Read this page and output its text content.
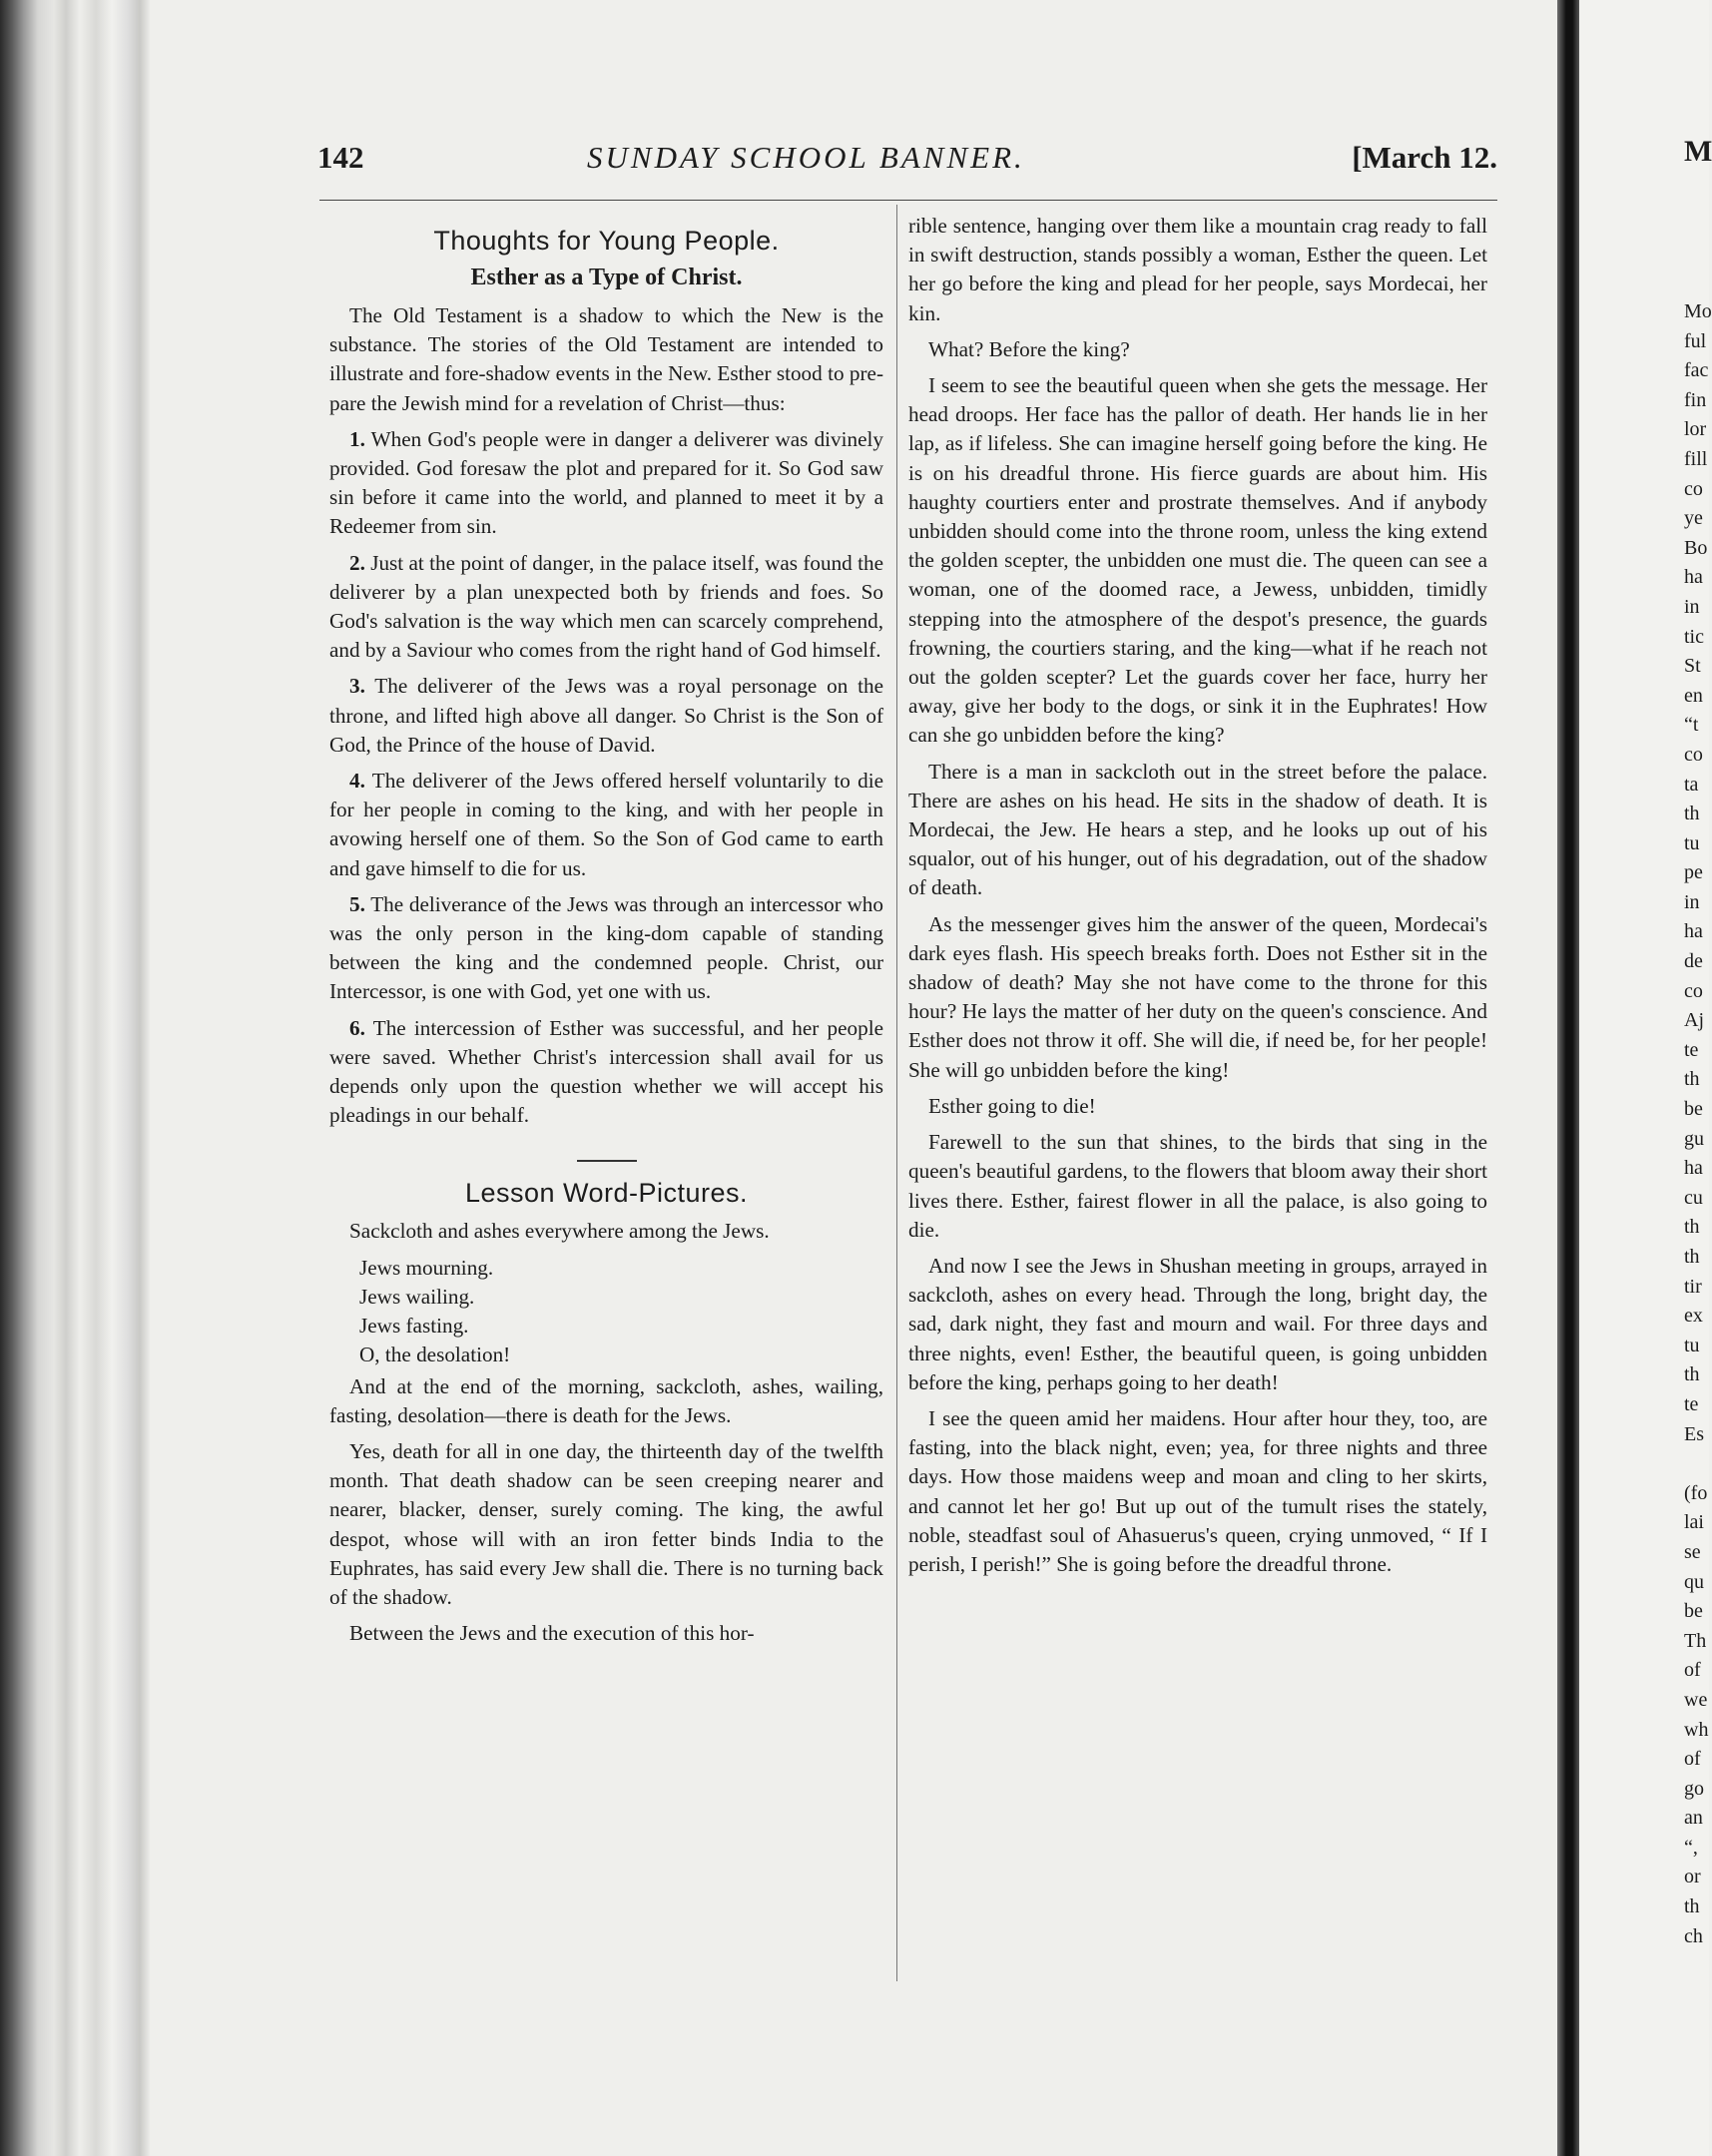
142	SUNDAY SCHOOL BANNER.	[March 12.
Thoughts for Young People.
Esther as a Type of Christ.

The Old Testament is a shadow to which the New is the substance. The stories of the Old Testament are intended to illustrate and fore-shadow events in the New. Esther stood to pre-pare the Jewish mind for a revelation of Christ—thus:

1. When God's people were in danger a deliverer was divinely provided. God foresaw the plot and prepared for it. So God saw sin before it came into the world, and planned to meet it by a Redeemer from sin.

2. Just at the point of danger, in the palace itself, was found the deliverer by a plan unexpected both by friends and foes. So God's salvation is the way which men can scarcely comprehend, and by a Saviour who comes from the right hand of God himself.

3. The deliverer of the Jews was a royal personage on the throne, and lifted high above all danger. So Christ is the Son of God, the Prince of the house of David.

4. The deliverer of the Jews offered herself voluntarily to die for her people in coming to the king, and with her people in avowing herself one of them. So the Son of God came to earth and gave himself to die for us.

5. The deliverance of the Jews was through an intercessor who was the only person in the king-dom capable of standing between the king and the condemned people. Christ, our Intercessor, is one with God, yet one with us.

6. The intercession of Esther was successful, and her people were saved. Whether Christ's intercession shall avail for us depends only upon the question whether we will accept his pleadings in our behalf.

Lesson Word-Pictures.

Sackcloth and ashes everywhere among the Jews.

Jews mourning.

Jews wailing.

Jews fasting.

O, the desolation!

And at the end of the morning, sackcloth, ashes, wailing, fasting, desolation—there is death for the Jews.

Yes, death for all in one day, the thirteenth day of the twelfth month. That death shadow can be seen creeping nearer and nearer, blacker, denser, surely coming. The king, the awful despot, whose will with an iron fetter binds India to the Euphrates, has said every Jew shall die. There is no turning back of the shadow.

Between the Jews and the execution of this hor-

rible sentence, hanging over them like a mountain crag ready to fall in swift destruction, stands possibly a woman, Esther the queen. Let her go before the king and plead for her people, says Mordecai, her kin.

What? Before the king?

I seem to see the beautiful queen when she gets the message. Her head droops. Her face has the pallor of death. Her hands lie in her lap, as if lifeless. She can imagine herself going before the king. He is on his dreadful throne. His fierce guards are about him. His haughty courtiers enter and prostrate themselves. And if anybody unbidden should come into the throne room, unless the king extend the golden scepter, the unbidden one must die. The queen can see a woman, one of the doomed race, a Jewess, unbidden, timidly stepping into the atmosphere of the despot's presence, the guards frowning, the courtiers staring, and the king—what if he reach not out the golden scepter? Let the guards cover her face, hurry her away, give her body to the dogs, or sink it in the Euphrates! How can she go unbidden before the king?

There is a man in sackcloth out in the street before the palace. There are ashes on his head. He sits in the shadow of death. It is Mordecai, the Jew. He hears a step, and he looks up out of his squalor, out of his hunger, out of his degradation, out of the shadow of death.

As the messenger gives him the answer of the queen, Mordecai's dark eyes flash. His speech breaks forth. Does not Esther sit in the shadow of death? May she not have come to the throne for this hour? He lays the matter of her duty on the queen's conscience. And Esther does not throw it off. She will die, if need be, for her people! She will go unbidden before the king!

Esther going to die!

Farewell to the sun that shines, to the birds that sing in the queen's beautiful gardens, to the flowers that bloom away their short lives there. Esther, fairest flower in all the palace, is also going to die.

And now I see the Jews in Shushan meeting in groups, arrayed in sackcloth, ashes on every head. Through the long, bright day, the sad, dark night, they fast and mourn and wail. For three days and three nights, even! Esther, the beautiful queen, is going unbidden before the king, perhaps going to her death!

I see the queen amid her maidens. Hour after hour they, too, are fasting, into the black night, even; yea, for three nights and three days. How those maidens weep and moan and cling to her skirts, and cannot let her go! But up out of the tumult rises the stately, noble, steadfast soul of Ahasuerus's queen, crying unmoved, “ If I perish, I perish!” She is going before the dreadful throne.

M
Mo
ful
fac
fin
lor
fill
co
ye
Bo
ha
in
tic
St
en
“t
co
ta
th
tu
pe
in
ha
de
co
Aj
te
th
be
gu
ha
cu
th
th
tir
ex
tu
th
te
Es
(fo
lai
se
qu
be
Th
of
we
wh
of
go
an
“,
or
th
ch
